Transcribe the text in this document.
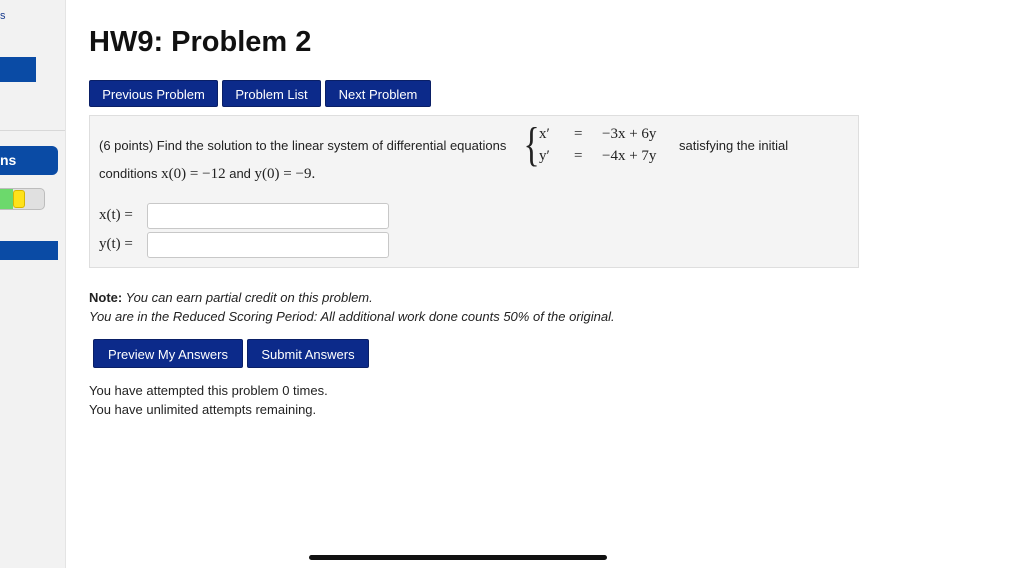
s
ns
HW9: Problem 2
Previous Problem	Problem List	Next Problem
(6 points) Find the solution to the linear system of differential equations { x′ = −3x + 6y
y′ = −4x + 7y
satisfying the initial
conditions x(0) = −12 and y(0) = −9.
x(t) =
y(t) =
Note: You can earn partial credit on this problem.
You are in the Reduced Scoring Period: All additional work done counts 50% of the original.
Preview My Answers	Submit Answers
You have attempted this problem 0 times.
You have unlimited attempts remaining.
